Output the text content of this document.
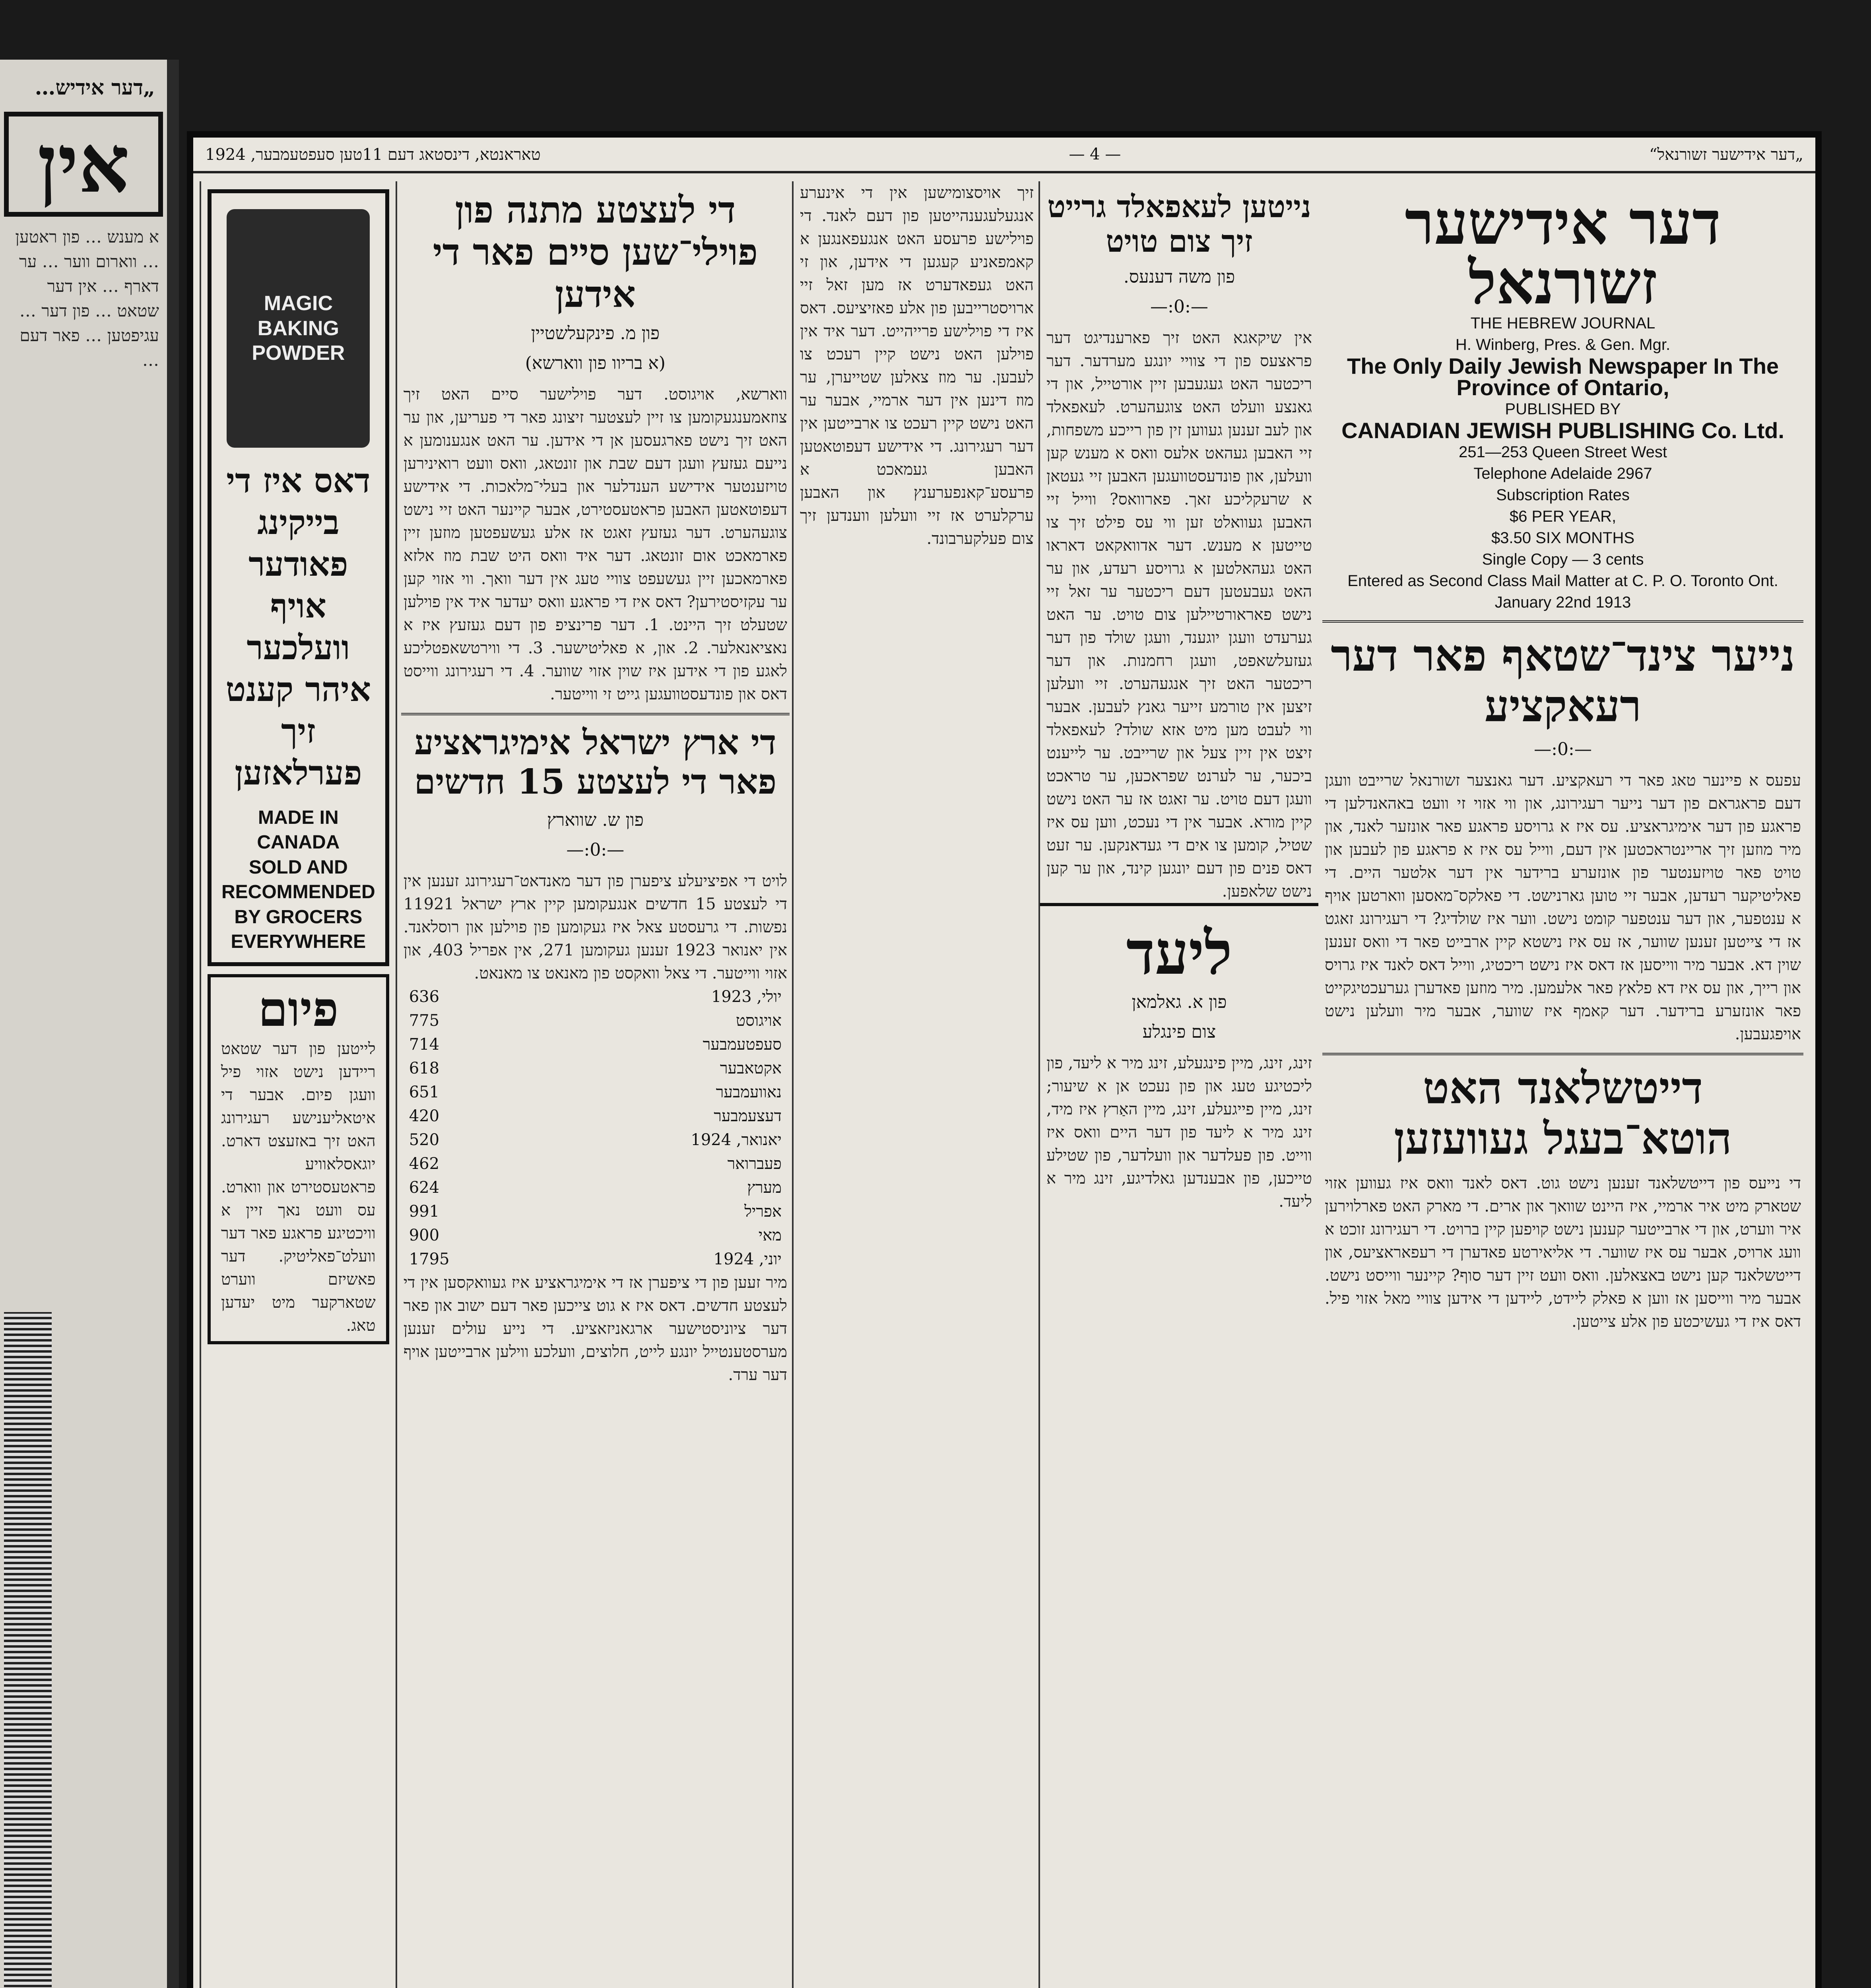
„דער אידיש…
אין
א מענש … פון ראטען … ווארום ווער … ער דארף … אין דער שטאט … פון דער … עגיפטען … פאר דעם …
„דער אידישער זשורנאל“
— 4 —
טאראנטא, דינסטאג דעם 11טען סעפטעמבער, 1924
דער אידישער זשורנאל
THE HEBREW JOURNAL
H. Winberg, Pres. & Gen. Mgr.
The Only Daily Jewish Newspaper In The Province of Ontario,
PUBLISHED BY
CANADIAN JEWISH PUBLISHING Co. Ltd.
251—253 Queen Street West
Telephone Adelaide 2967
Subscription Rates
$6 PER YEAR,
$3.50 SIX MONTHS
Single Copy — 3 cents
Entered as Second Class Mail Matter at C. P. O. Toronto Ont.
January 22nd 1913
נייער צינד־שטאף פאר דער רעאקציע
—:0:—
עפעס א פיינער טאג פאר די רעאקציע. דער גאנצער זשורנאל שרייבט וועגן דעם פראגראם פון דער נייער רעגירונג, און ווי אזוי זי וועט באהאנדלען די פראגע פון דער אימיגראציע. עס איז א גרויסע פראגע פאר אונזער לאנד, און מיר מוזען זיך אריינטראכטען אין דעם, ווייל עס איז א פראגע פון לעבען און טויט פאר טויזענטער פון אונזערע ברידער אין דער אלטער היים. די פאליטיקער רעדען, אבער זיי טוען גארנישט. די פאלקס־מאסען ווארטען אויף א ענטפער, און דער ענטפער קומט נישט. ווער איז שולדיג? די רעגירונג זאגט אז די צייטען זענען שווער, אז עס איז נישטא קיין ארבייט פאר די וואס זענען שוין דא. אבער מיר ווייסען אז דאס איז נישט ריכטיג, ווייל דאס לאנד איז גרויס און רייך, און עס איז דא פלאץ פאר אלעמען. מיר מוזען פאדערן גערעכטיגקייט פאר אונזערע ברידער. דער קאמף איז שווער, אבער מיר וועלען נישט אויפגעבען.
דייטשלאנד האט הוטא־בעגל געוועזען
די נייעס פון דייטשלאנד זענען נישט גוט. דאס לאנד וואס איז געווען אזוי שטארק מיט איר ארמיי, איז היינט שוואך און ארים. די מארק האט פארלוירען איר ווערט, און די ארבייטער קענען נישט קויפען קיין ברויט. די רעגירונג זוכט א וועג ארויס, אבער עס איז שווער. די אליאירטע פאדערן די רעפאראציעס, און דייטשלאנד קען נישט באצאלען. וואס וועט זיין דער סוף? קיינער ווייסט נישט. אבער מיר ווייסען אז ווען א פאלק ליידט, ליידען די אידען צוויי מאל אזוי פיל. דאס איז די געשיכטע פון אלע צייטען.
נייטען לעאפאלד גרייט זיך צום טויט
פון משה דענעס.
—:0:—
אין שיקאגא האט זיך פארענדיגט דער פראצעס פון די צוויי יונגע מערדער. דער ריכטער האט געגעבען זיין אורטייל, און די גאנצע וועלט האט צוגעהערט. לעאפאלד און לעב זענען געווען זין פון רייכע משפחות, זיי האבען געהאט אלעס וואס א מענש קען וועלען, און פונדעסטוועגען האבען זיי געטאן א שרעקליכע זאך. פארוואס? ווייל זיי האבען געוואלט זען ווי עס פילט זיך צו טייטען א מענש. דער אדוואקאט דאראו האט געהאלטען א גרויסע רעדע, און ער האט געבעטען דעם ריכטער ער זאל זיי נישט פאראורטיילען צום טויט. ער האט גערעדט וועגן יוגענד, וועגן שולד פון דער געזעלשאפט, וועגן רחמנות. און דער ריכטער האט זיך אנגעהערט. זיי וועלען זיצען אין טורמע זייער גאנץ לעבען. אבער ווי לעבט מען מיט אזא שולד? לעאפאלד זיצט אין זיין צעל און שרייבט. ער לייענט ביכער, ער לערנט שפראכען, ער טראכט וועגן דעם טויט. ער זאגט אז ער האט נישט קיין מורא. אבער אין די נעכט, ווען עס איז שטיל, קומען צו אים די געדאנקען. ער זעט דאס פנים פון דעם יונגען קינד, און ער קען נישט שלאפען.
ליעד
פון א. גאלמאן
צום פינגלע
זינג, זינג, מיין פינגעלע, זינג מיר א ליעד, פון ליכטיגע טעג און פון נעכט אן א שיעור; זינג, מיין פייגעלע, זינג, מיין האַרץ איז מיד, זינג מיר א ליעד פון דער היים וואס איז ווייט. פון פעלדער און וועלדער, פון שטילע טייכען, פון אבענדען גאלדיגע, זינג מיר א ליעד.
זיך אויסצומישען אין די אינערע אנגעלעגענהייטען פון דעם לאנד. די פוילישע פרעסע האט אנגעפאנגען א קאמפאניע קעגען די אידען, און זי האט געפאדערט אז מען זאל זיי ארויסטרייבען פון אלע פאזיציעס. דאס איז די פוילישע פרייהייט. דער איד אין פוילען האט נישט קיין רעכט צו לעבען. ער מוז צאלען שטייערן, ער מוז דינען אין דער ארמיי, אבער ער האט נישט קיין רעכט צו ארבייטען אין דער רעגירונג. די אידישע דעפוטאטען האבען געמאכט א פרעסע־קאנפערענץ און האבען ערקלערט אז זיי וועלען ווענדען זיך צום פעלקערבונד.
די לעצטע מתנה פון פוילי־שען סיים פאר די אידען
פון מ. פינקעלשטיין
(א בריוו פון ווארשא)
ווארשא, אויגוסט. דער פוילישער סיים האט זיך צוזאמענגעקומען צו זיין לעצטער זיצונג פאר די פעריען, און ער האט זיך נישט פארגעסען אן די אידען. ער האט אנגענומען א נייעם געזעץ וועגן דעם שבת און זונטאג, וואס וועט רואינירען טויזענטער אידישע הענדלער און בעלי־מלאכות. די אידישע דעפוטאטען האבען פראטעסטירט, אבער קיינער האט זיי נישט צוגעהערט. דער געזעץ זאגט אז אלע געשעפטען מוזען זיין פארמאכט אום זונטאג. דער איד וואס היט שבת מוז אלזא פארמאכען זיין געשעפט צוויי טעג אין דער וואך. ווי אזוי קען ער עקזיסטירען? דאס איז די פראגע וואס יעדער איד אין פוילען שטעלט זיך היינט. 1. דער פרינציפ פון דעם געזעץ איז א נאציאנאלער. 2. און, א פאליטישער. 3. די ווירטשאפטליכע לאגע פון די אידען איז שוין אזוי שווער. 4. די רעגירונג ווייסט דאס און פונדעסטוועגען גייט זי ווייטער.
די ארץ ישראל אימיגראציע פאר די לעצטע 15 חדשים
פון ש. שווארץ
—:0:—
לויט די אפיציעלע ציפערן פון דער מאנדאט־רעגירונג זענען אין די לעצטע 15 חדשים אנגעקומען קיין ארץ ישראל 11921 נפשות. די גרעסטע צאל איז געקומען פון פוילען און רוסלאנד. אין יאנואר 1923 זענען געקומען 271, אין אפריל 403, און אזוי ווייטער. די צאל וואקסט פון מאנאט צו מאנאט.
יולי, 1923
636
אויגוסט
775
סעפטעמבער
714
אקטאבער
618
נאוועמבער
651
דעצעמבער
420
יאנואר, 1924
520
פעברואר
462
מערץ
624
אפריל
991
מאי
900
יוני, 1924
1795
מיר זעען פון די ציפערן אז די אימיגראציע איז געוואקסען אין די לעצטע חדשים. דאס איז א גוט צייכען פאר דעם ישוב און פאר דער ציוניסטישער ארגאניזאציע. די נייע עולים זענען מערסטענטייל יונגע לייט, חלוצים, וועלכע ווילען ארבייטען אויף דער ערד.
MAGIC
BAKING
POWDER
דאס איז די בייקינג פאודער אויף וועלכער איהר קענט זיך פערלאזען
MADE IN CANADA
SOLD AND RECOMMENDED BY GROCERS EVERYWHERE
פיום
לייטען פון דער שטאט ריידען נישט אזוי פיל וועגן פיום. אבער די איטאליענישע רעגירונג האט זיך באזעצט דארט. יוגאסלאוויע פראטעסטירט און ווארט. עס וועט נאך זיין א וויכטיגע פראגע פאר דער וועלט־פאליטיק. דער פאשיזם ווערט שטארקער מיט יעדען טאג.
